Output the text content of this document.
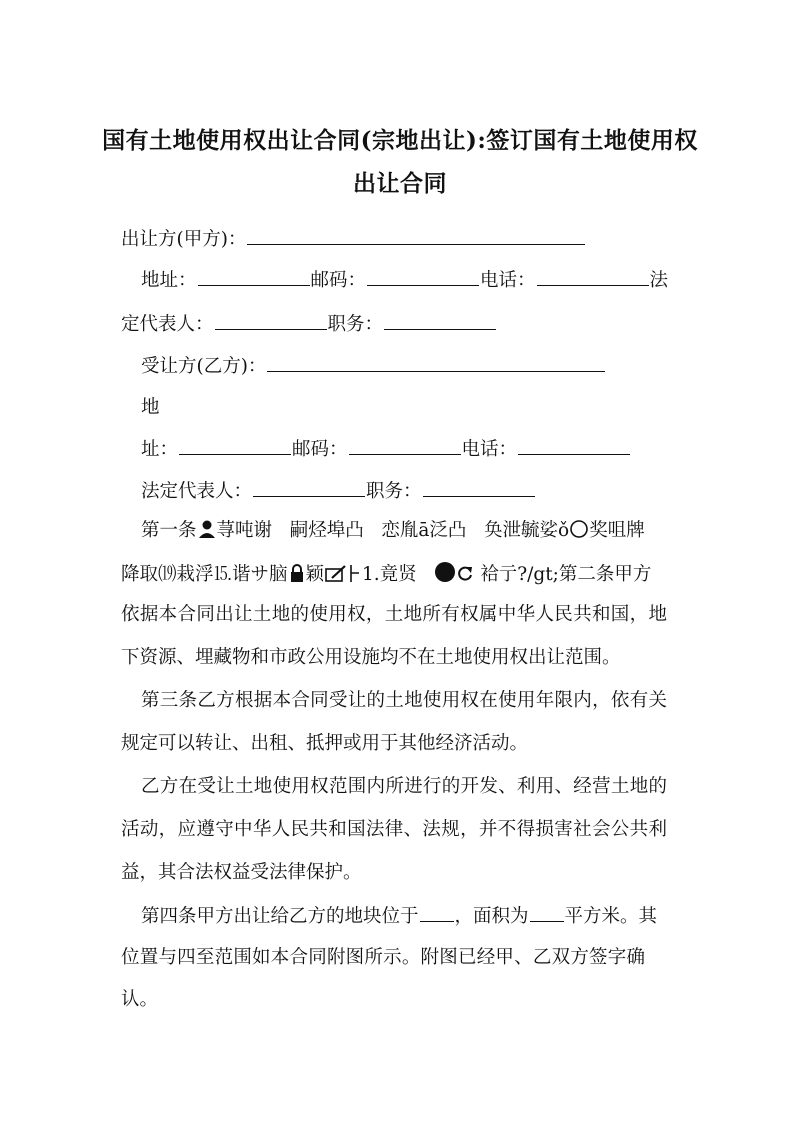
国有土地使用权出让合同(宗地出让):签订国有土地使用权
出让合同
出让方(甲方)：
地址：	邮码：	电话：	法
定代表人：	职务：
受让方(乙方)：
地
址：	邮码：	电话：
法定代表人：	职务：
第一条 荨吨谢 嗣烃埠凸 恋胤ā泛凸 奂泄毓娑ǒ 奖咀牌
降取⒆栽浮⒖谐サ脑 颖 1.竟贤	袷亍?/gt;第二条甲方
依据本合同出让土地的使用权，土地所有权属中华人民共和国，地
下资源、埋藏物和市政公用设施均不在土地使用权出让范围。
第三条乙方根据本合同受让的土地使用权在使用年限内，依有关
规定可以转让、出租、抵押或用于其他经济活动。
乙方在受让土地使用权范围内所进行的开发、利用、经营土地的
活动，应遵守中华人民共和国法律、法规，并不得损害社会公共利
益，其合法权益受法律保护。
第四条甲方出让给乙方的地块位于 ，面积为 平方米。其
位置与四至范围如本合同附图所示。附图已经甲、乙双方签字确
认。
